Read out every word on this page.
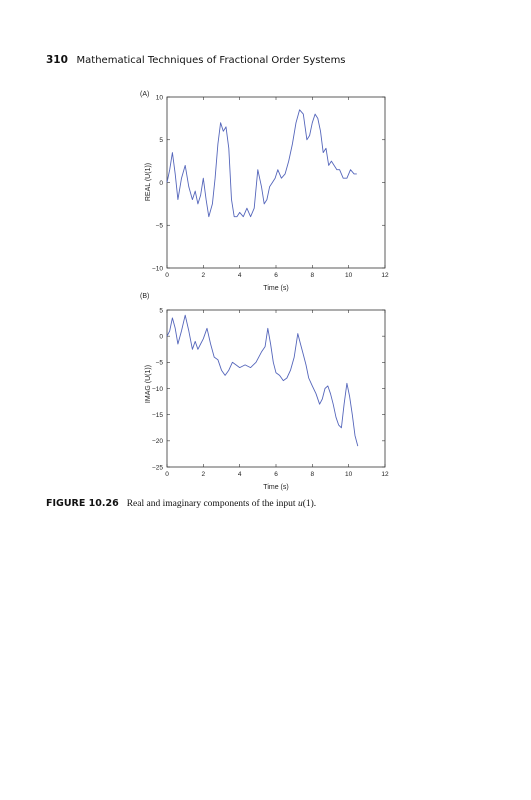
310 Mathematical Techniques of Fractional Order Systems
(A)
REAL (U(1))
Time (s)
0	2	4	6	8	10	12
−10
−5
0
5
10
(B)
IMAG (U(1))
Time (s)
0	2	4	6	8	10	12
−25
−20
−15
−10
−5
0
5
FIGURE 10.26 Real and imaginary components of the input u(1).
